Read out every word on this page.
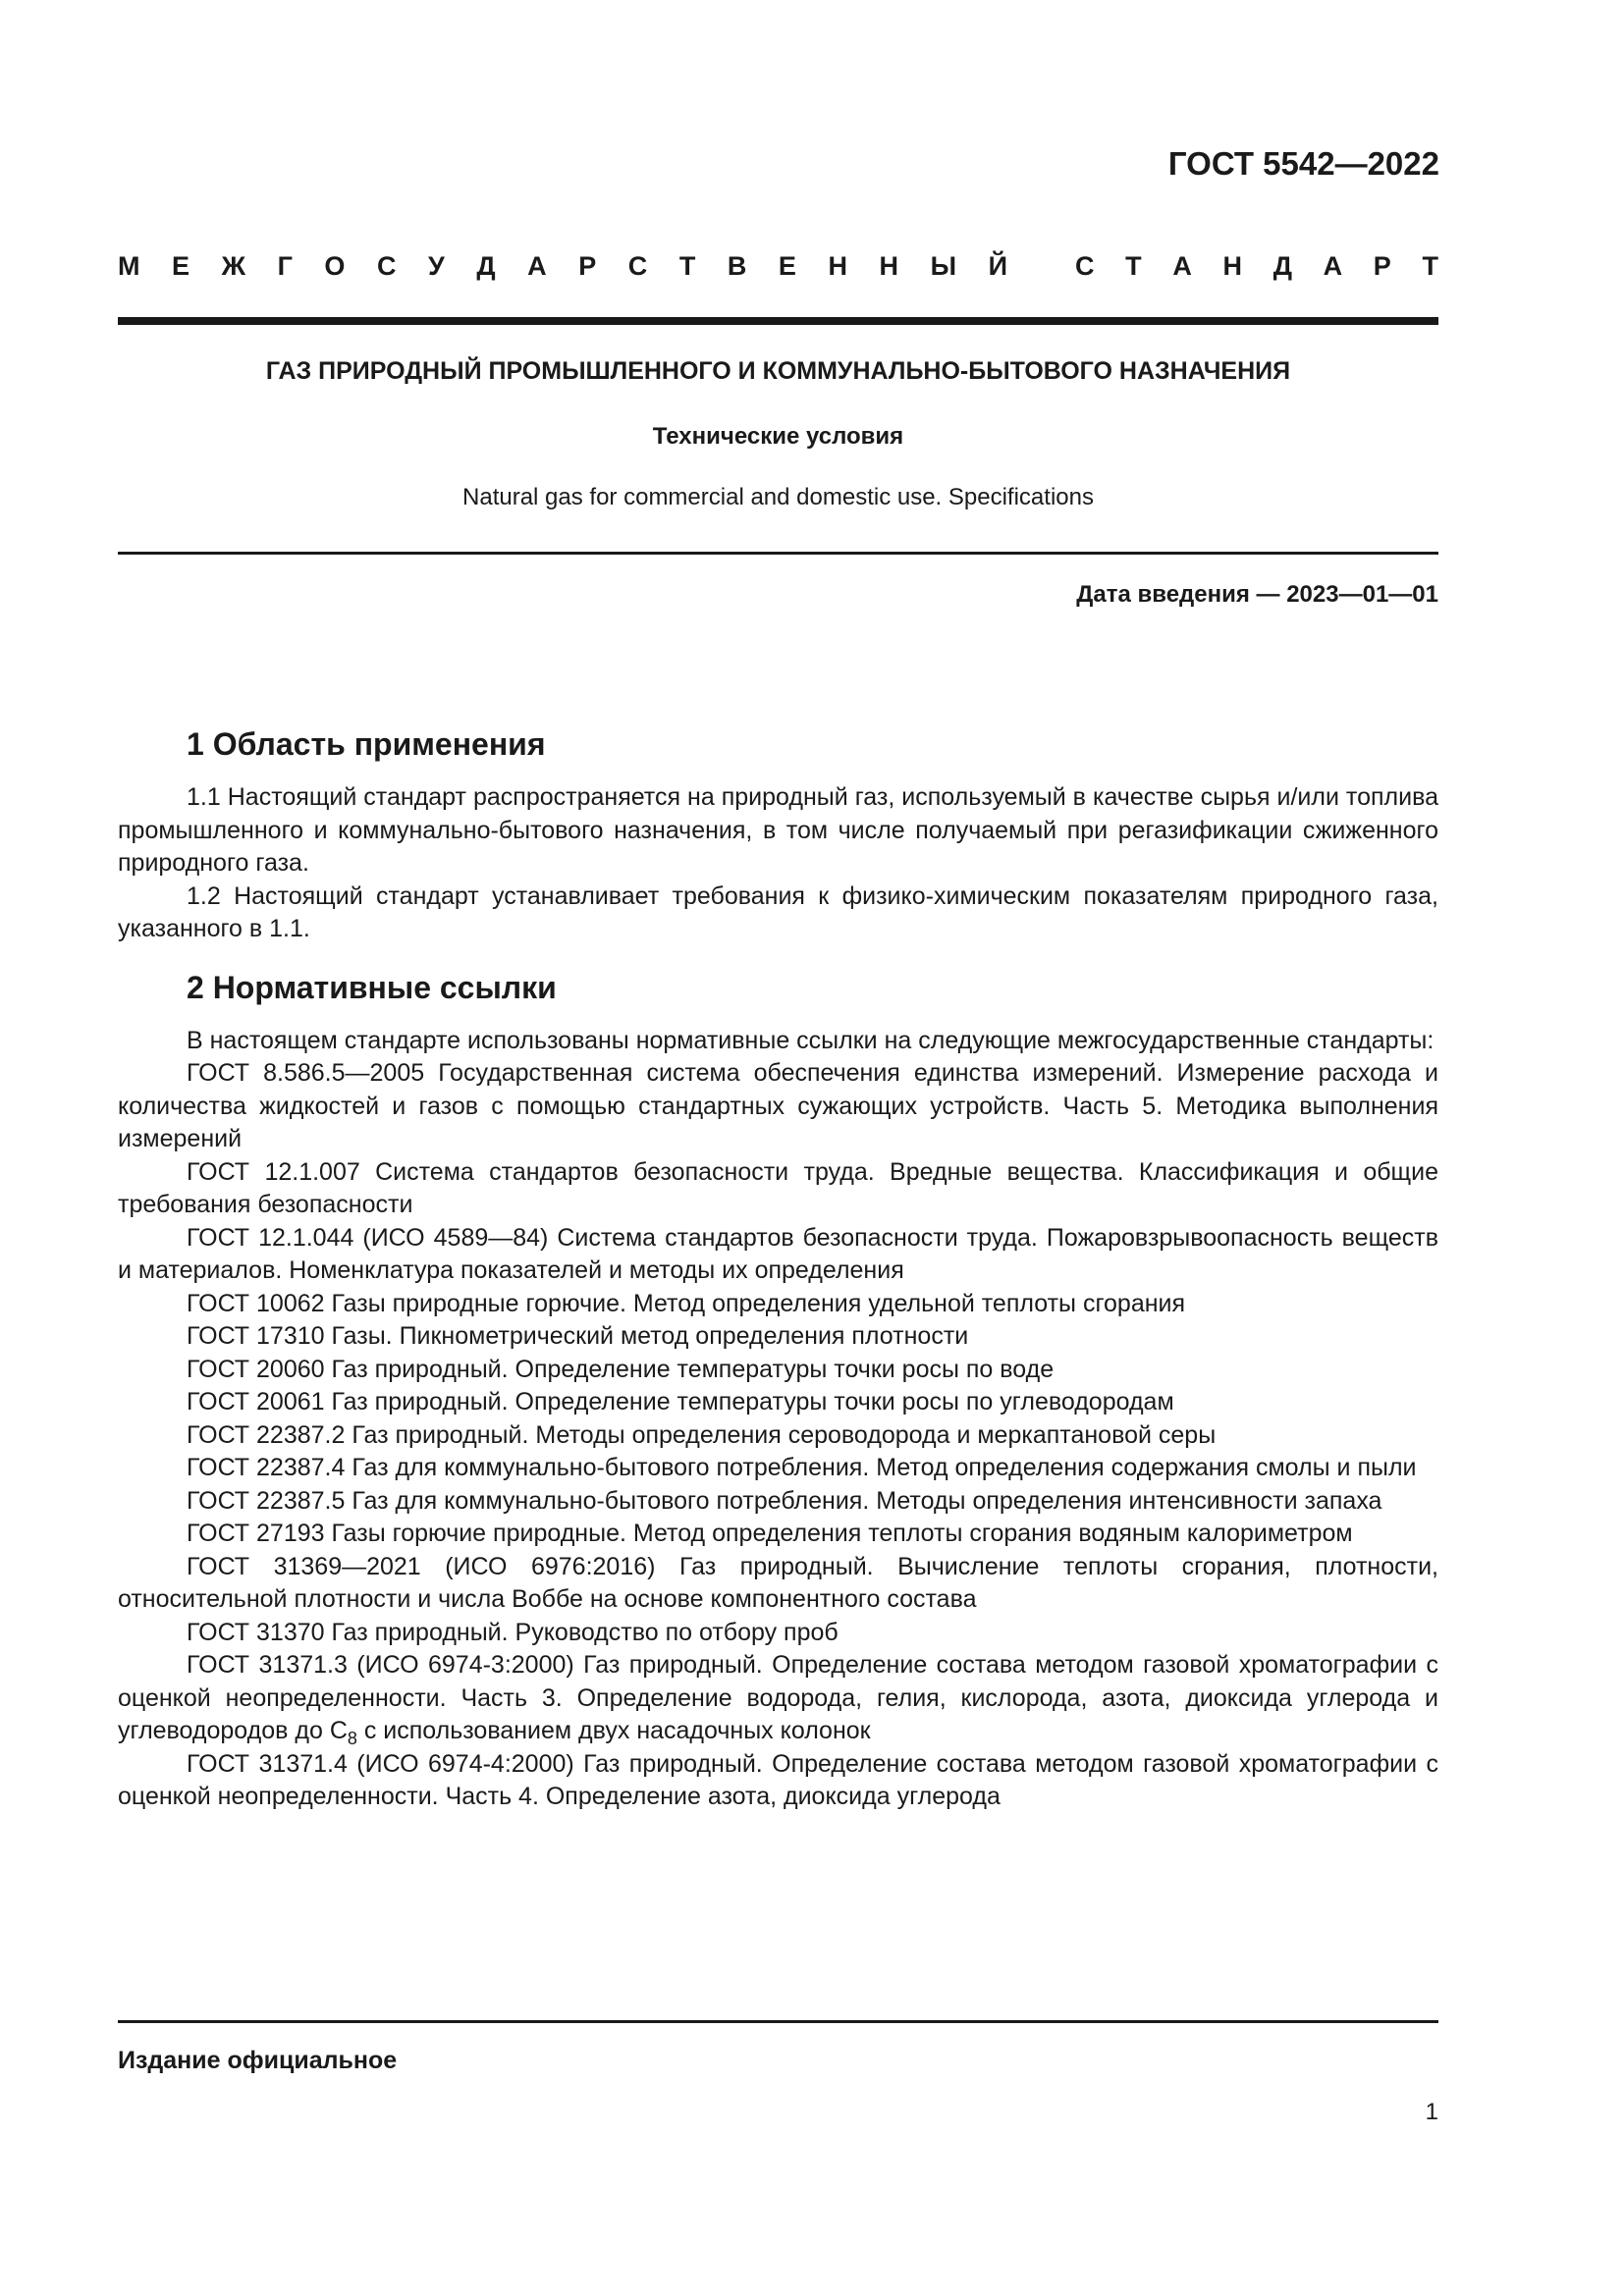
ГОСТ 5542—2022
М Е Ж Г О С У Д А Р С Т В Е Н Н Ы Й	С Т А Н Д А Р Т
ГАЗ ПРИРОДНЫЙ ПРОМЫШЛЕННОГО И КОММУНАЛЬНО-БЫТОВОГО НАЗНАЧЕНИЯ
Технические условия
Natural gas for commercial and domestic use. Specifications
Дата введения — 2023—01—01
1 Область применения

1.1 Настоящий стандарт распространяется на природный газ, используемый в качестве сырья и/или топлива промышленного и коммунально-бытового назначения, в том числе получаемый при регазификации сжиженного природного газа.

1.2 Настоящий стандарт устанавливает требования к физико-химическим показателям природного газа, указанного в 1.1.

2 Нормативные ссылки

В настоящем стандарте использованы нормативные ссылки на следующие межгосударственные стандарты:

ГОСТ 8.586.5—2005 Государственная система обеспечения единства измерений. Измерение расхода и количества жидкостей и газов с помощью стандартных сужающих устройств. Часть 5. Методика выполнения измерений

ГОСТ 12.1.007 Система стандартов безопасности труда. Вредные вещества. Классификация и общие требования безопасности

ГОСТ 12.1.044 (ИСО 4589—84) Система стандартов безопасности труда. Пожаровзрывоопасность веществ и материалов. Номенклатура показателей и методы их определения

ГОСТ 10062 Газы природные горючие. Метод определения удельной теплоты сгорания

ГОСТ 17310 Газы. Пикнометрический метод определения плотности

ГОСТ 20060 Газ природный. Определение температуры точки росы по воде

ГОСТ 20061 Газ природный. Определение температуры точки росы по углеводородам

ГОСТ 22387.2 Газ природный. Методы определения сероводорода и меркаптановой серы

ГОСТ 22387.4 Газ для коммунально-бытового потребления. Метод определения содержания смолы и пыли

ГОСТ 22387.5 Газ для коммунально-бытового потребления. Методы определения интенсивности запаха

ГОСТ 27193 Газы горючие природные. Метод определения теплоты сгорания водяным калориметром

ГОСТ 31369—2021 (ИСО 6976:2016) Газ природный. Вычисление теплоты сгорания, плотности, относительной плотности и числа Воббе на основе компонентного состава

ГОСТ 31370 Газ природный. Руководство по отбору проб

ГОСТ 31371.3 (ИСО 6974-3:2000) Газ природный. Определение состава методом газовой хроматографии с оценкой неопределенности. Часть 3. Определение водорода, гелия, кислорода, азота, диоксида углерода и углеводородов до $С_8$ с использованием двух насадочных колонок

ГОСТ 31371.4 (ИСО 6974-4:2000) Газ природный. Определение состава методом газовой хроматографии с оценкой неопределенности. Часть 4. Определение азота, диоксида углерода

Издание официальное
1
